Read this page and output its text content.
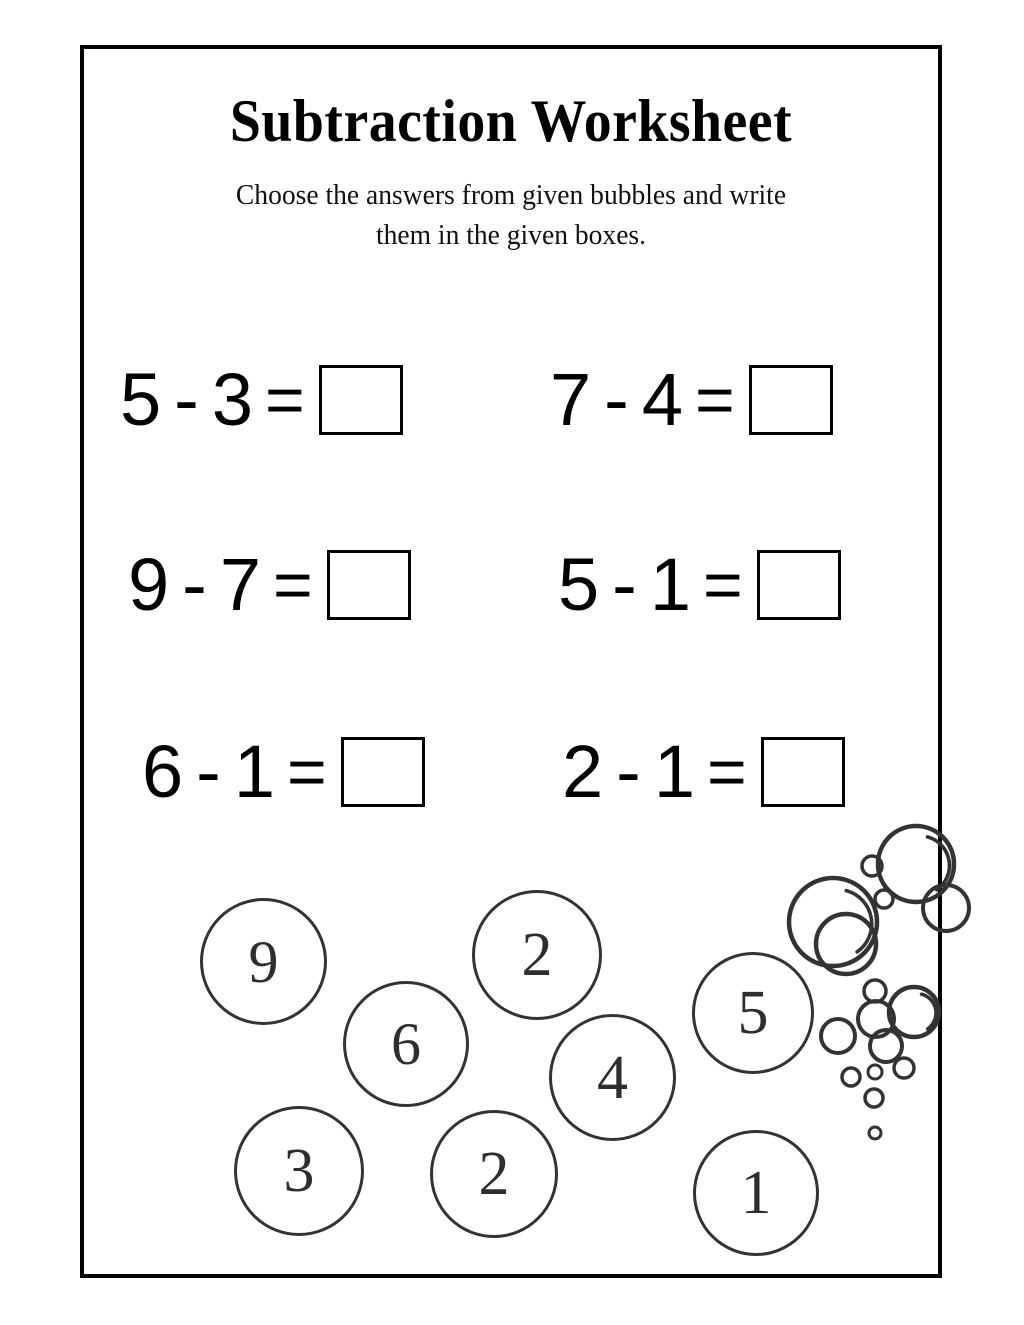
Subtraction Worksheet

Choose the answers from given bubbles and write
them in the given boxes.

5 - 3 =	7 - 4 =
9 - 7 =	5 - 1 =
6 - 1 =	2 - 1 =
9	2
6	5
4
3	2	1
